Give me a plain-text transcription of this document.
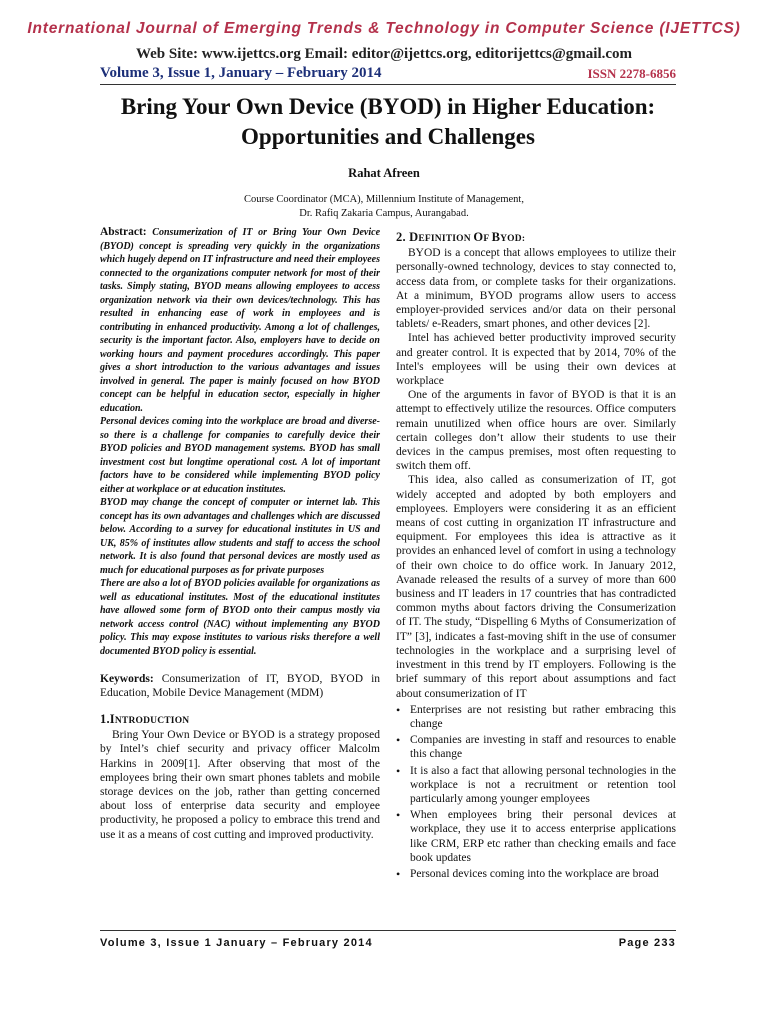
International Journal of Emerging Trends & Technology in Computer Science (IJETTCS)
Web Site: www.ijettcs.org Email: editor@ijettcs.org, editorijettcs@gmail.com
Volume 3, Issue 1, January – February 2014	ISSN 2278-6856
Bring Your Own Device (BYOD) in Higher Education: Opportunities and Challenges
Rahat Afreen
Course Coordinator (MCA), Millennium Institute of Management,
Dr. Rafiq Zakaria Campus, Aurangabad.

Abstract: Consumerization of IT or Bring Your Own Device (BYOD) concept is spreading very quickly in the organizations which hugely depend on IT infrastructure and need their employees connected to the organizations computer network for most of their tasks. Simply stating, BYOD means allowing employees to access organization network via their own devices/technology. This has resulted in enhancing ease of work in employees and is contributing in enhanced productivity. Among a lot of challenges, security is the important factor. Also, employers have to decide on working hours and payment procedures accordingly. This paper gives a short introduction to the various advantages and issues involved in general. The paper is mainly focused on how BYOD concept can be helpful in education sector, especially in higher education.

Personal devices coming into the workplace are broad and diverse- so there is a challenge for companies to carefully device their BYOD policies and BYOD management systems. BYOD has small investment cost but longtime operational cost. A lot of important factors have to be considered while implementing BYOD policy either at workplace or at education institutes.

BYOD may change the concept of computer or internet lab. This concept has its own advantages and challenges which are discussed below. According to a survey for educational institutes in US and UK, 85% of institutes allow students and staff to access the school network. It is also found that personal devices are mostly used as much for educational purposes as for private purposes

There are also a lot of BYOD policies available for organizations as well as educational institutes. Most of the educational institutes have allowed some form of BYOD onto their campus mostly via network access control (NAC) without implementing any BYOD policy. This may expose institutes to various risks therefore a well documented BYOD policy is essential.

Keywords: Consumerization of IT, BYOD, BYOD in Education, Mobile Device Management (MDM)

1.INTRODUCTION

Bring Your Own Device or BYOD is a strategy proposed by Intel’s chief security and privacy officer Malcolm Harkins in 2009[1]. After observing that most of the employees bring their own smart phones tablets and mobile storage devices on the job, rather than getting concerned about loss of enterprise data security and employee productivity, he proposed a policy to embrace this trend and use it as a means of cost cutting and improved productivity.

2. DEFINITION OF BYOD:

BYOD is a concept that allows employees to utilize their personally-owned technology, devices to stay connected to, access data from, or complete tasks for their organizations. At a minimum, BYOD programs allow users to access employer-provided services and/or data on their personal tablets/ e-Readers, smart phones, and other devices [2].

Intel has achieved better productivity improved security and greater control. It is expected that by 2014, 70% of the Intel's employees will be using their own devices at workplace

One of the arguments in favor of BYOD is that it is an attempt to effectively utilize the resources. Office computers remain unutilized when office hours are over. Similarly certain colleges don’t allow their students to use their devices in the campus premises, most often requesting to switch them off.

This idea, also called as consumerization of IT, got widely accepted and adopted by both employers and employees. Employers were considering it as an efficient means of cost cutting in organization IT infrastructure and equipment. For employees this idea is attractive as it provides an enhanced level of comfort in using a technology of their own choice to do office work. In January 2012, Avanade released the results of a survey of more than 600 business and IT leaders in 17 countries that has contradicted common myths about factors driving the Consumerization of IT. The study, “Dispelling 6 Myths of Consumerization of IT” [3], indicates a fast-moving shift in the use of consumer technologies in the workplace and a surprising level of investment in this trend by IT employers. Following is the brief summary of this report about assumptions and fact about consumerization of IT

• Enterprises are not resisting but rather embracing this change
• Companies are investing in staff and resources to enable this change
• It is also a fact that allowing personal technologies in the workplace is not a recruitment or retention tool particularly among younger employees
• When employees bring their personal devices at workplace, they use it to access enterprise applications like CRM, ERP etc rather than checking emails and face book updates
• Personal devices coming into the workplace are broad
Volume 3, Issue 1 January – February 2014	Page 233
